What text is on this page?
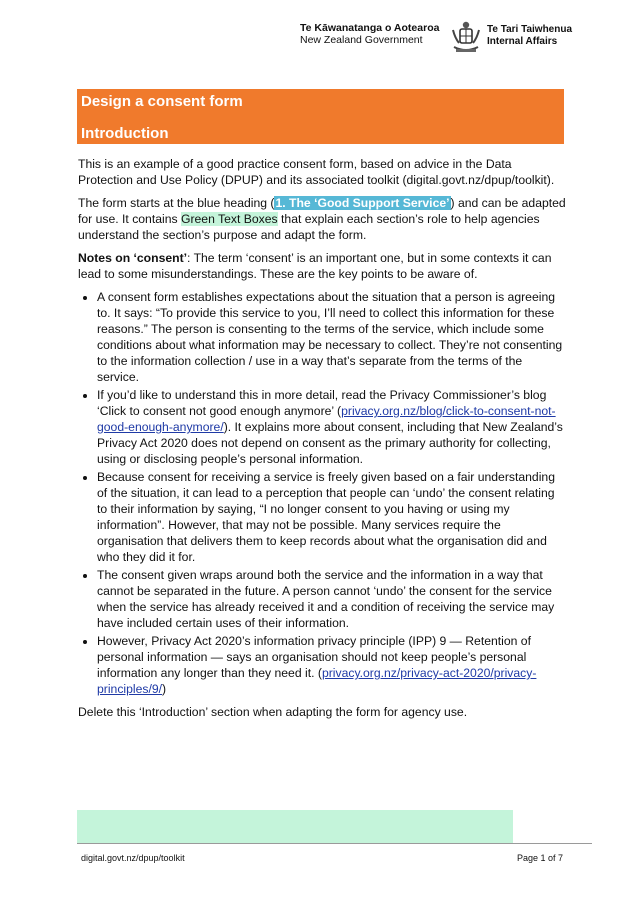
Te Kāwanatanga o Aotearoa
New Zealand Government
Te Tari Taiwhenua
Internal Affairs
Design a consent form
Introduction

This is an example of a good practice consent form, based on advice in the Data Protection and Use Policy (DPUP) and its associated toolkit (digital.govt.nz/dpup/toolkit).

The form starts at the blue heading (1. The ‘Good Support Service’) and can be adapted for use. It contains Green Text Boxes that explain each section’s role to help agencies understand the section’s purpose and adapt the form.

Notes on ‘consent’: The term ‘consent’ is an important one, but in some contexts it can lead to some misunderstandings. These are the key points to be aware of.

• A consent form establishes expectations about the situation that a person is agreeing to. It says: “To provide this service to you, I’ll need to collect this information for these reasons.” The person is consenting to the terms of the service, which include some conditions about what information may be necessary to collect. They’re not consenting to the information collection / use in a way that’s separate from the terms of the service.
• If you’d like to understand this in more detail, read the Privacy Commissioner’s blog ‘Click to consent not good enough anymore’ (privacy.org.nz/blog/click-to-consent-not-good-enough-anymore/). It explains more about consent, including that New Zealand’s Privacy Act 2020 does not depend on consent as the primary authority for collecting, using or disclosing people’s personal information.
• Because consent for receiving a service is freely given based on a fair understanding of the situation, it can lead to a perception that people can ‘undo’ the consent relating to their information by saying, “I no longer consent to you having or using my information”. However, that may not be possible. Many services require the organisation that delivers them to keep records about what the organisation did and who they did it for.
• The consent given wraps around both the service and the information in a way that cannot be separated in the future. A person cannot ‘undo’ the consent for the service when the service has already received it and a condition of receiving the service may have included certain uses of their information.
• However, Privacy Act 2020’s information privacy principle (IPP) 9 — Retention of personal information — says an organisation should not keep people’s personal information any longer than they need it. (privacy.org.nz/privacy-act-2020/privacy-principles/9/)

Delete this ‘Introduction’ section when adapting the form for agency use.

digital.govt.nz/dpup/toolkit	Page 1 of 7
